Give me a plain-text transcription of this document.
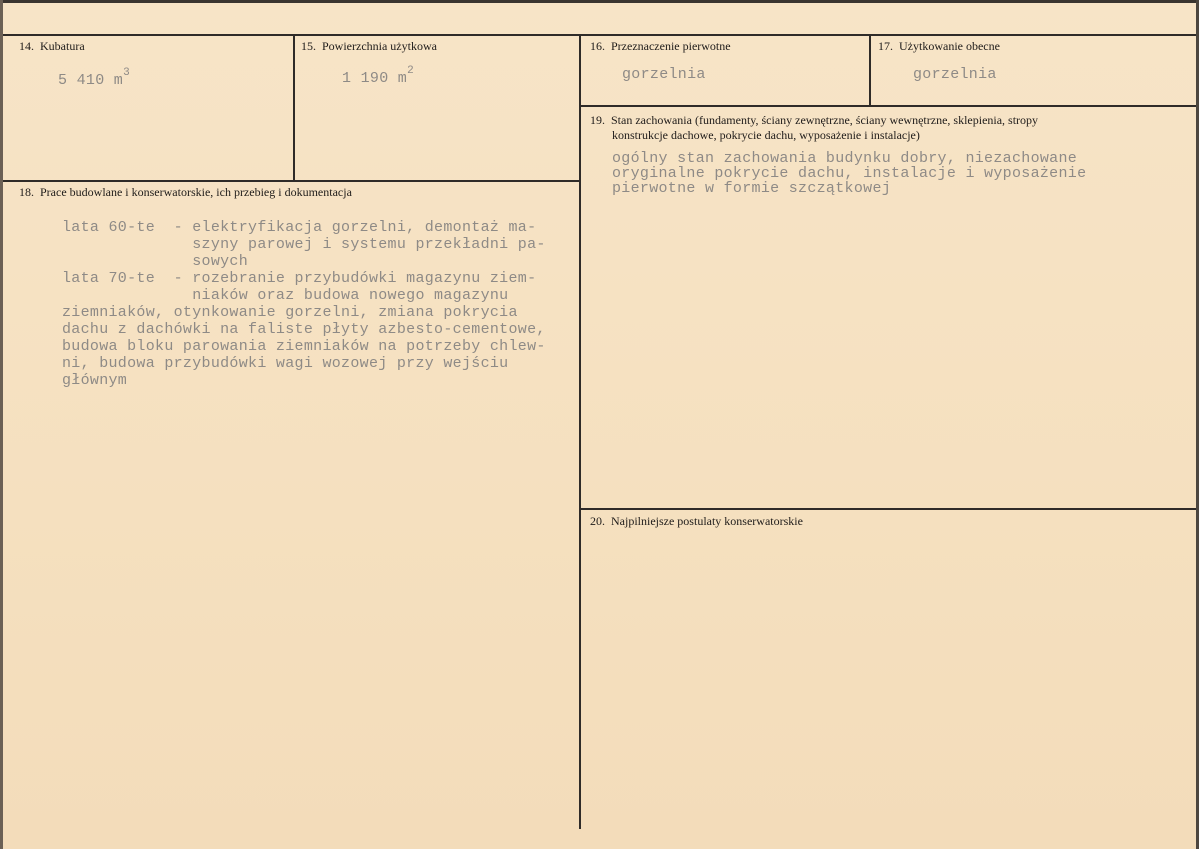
14. Kubatura
5 410 $m^3$
15. Powierzchnia użytkowa
1 190 $m^2$
16. Przeznaczenie pierwotne
gorzelnia
17. Użytkowanie obecne
gorzelnia
19. Stan zachowania (fundamenty, ściany zewnętrzne, ściany wewnętrzne, sklepienia, stropy
konstrukcje dachowe, pokrycie dachu, wyposażenie i instalacje)
ogólny stan zachowania budynku dobry, niezachowane
oryginalne pokrycie dachu, instalacje i wyposażenie
pierwotne w formie szczątkowej
18. Prace budowlane i konserwatorskie, ich przebieg i dokumentacja
lata 60-te  - elektryfikacja gorzelni, demontaż ma-
szyny parowej i systemu przekładni pa-
sowych
lata 70-te  - rozebranie przybudówki magazynu ziem-
niaków oraz budowa nowego magazynu
ziemniaków, otynkowanie gorzelni, zmiana pokrycia
dachu z dachówki na faliste płyty azbesto-cementowe,
budowa bloku parowania ziemniaków na potrzeby chlew-
ni, budowa przybudówki wagi wozowej przy wejściu
głównym
20. Najpilniejsze postulaty konserwatorskie
